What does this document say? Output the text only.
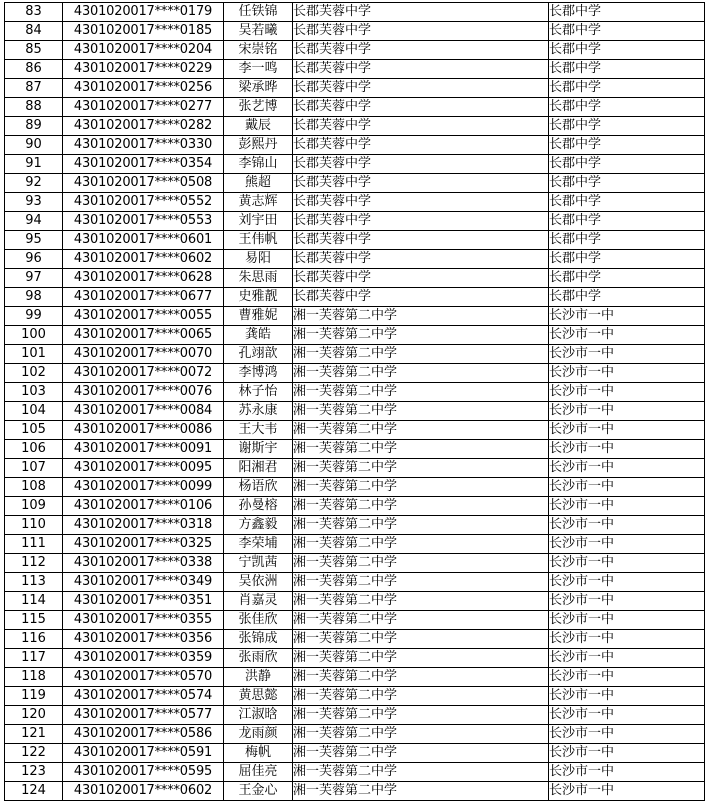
83	4301020017****0179	任铁锦	长郡芙蓉中学	长郡中学
84	4301020017****0185	吴若曦	长郡芙蓉中学	长郡中学
85	4301020017****0204	宋崇铭	长郡芙蓉中学	长郡中学
86	4301020017****0229	李一鸣	长郡芙蓉中学	长郡中学
87	4301020017****0256	梁承晔	长郡芙蓉中学	长郡中学
88	4301020017****0277	张艺博	长郡芙蓉中学	长郡中学
89	4301020017****0282	戴辰	长郡芙蓉中学	长郡中学
90	4301020017****0330	彭熙丹	长郡芙蓉中学	长郡中学
91	4301020017****0354	李锦山	长郡芙蓉中学	长郡中学
92	4301020017****0508	熊超	长郡芙蓉中学	长郡中学
93	4301020017****0552	黄志辉	长郡芙蓉中学	长郡中学
94	4301020017****0553	刘宇田	长郡芙蓉中学	长郡中学
95	4301020017****0601	王伟帆	长郡芙蓉中学	长郡中学
96	4301020017****0602	易阳	长郡芙蓉中学	长郡中学
97	4301020017****0628	朱思雨	长郡芙蓉中学	长郡中学
98	4301020017****0677	史雅靓	长郡芙蓉中学	长郡中学
99	4301020017****0055	曹雅妮	湘一芙蓉第二中学	长沙市一中
100	4301020017****0065	龚皓	湘一芙蓉第二中学	长沙市一中
101	4301020017****0070	孔翊歆	湘一芙蓉第二中学	长沙市一中
102	4301020017****0072	李博鸿	湘一芙蓉第二中学	长沙市一中
103	4301020017****0076	林子怡	湘一芙蓉第二中学	长沙市一中
104	4301020017****0084	苏永康	湘一芙蓉第二中学	长沙市一中
105	4301020017****0086	王大韦	湘一芙蓉第二中学	长沙市一中
106	4301020017****0091	谢斯宇	湘一芙蓉第二中学	长沙市一中
107	4301020017****0095	阳湘君	湘一芙蓉第二中学	长沙市一中
108	4301020017****0099	杨语欣	湘一芙蓉第二中学	长沙市一中
109	4301020017****0106	孙曼榕	湘一芙蓉第二中学	长沙市一中
110	4301020017****0318	方鑫毅	湘一芙蓉第二中学	长沙市一中
111	4301020017****0325	李荣埔	湘一芙蓉第二中学	长沙市一中
112	4301020017****0338	宁凯茜	湘一芙蓉第二中学	长沙市一中
113	4301020017****0349	吴依洲	湘一芙蓉第二中学	长沙市一中
114	4301020017****0351	肖嘉灵	湘一芙蓉第二中学	长沙市一中
115	4301020017****0355	张佳欣	湘一芙蓉第二中学	长沙市一中
116	4301020017****0356	张锦成	湘一芙蓉第二中学	长沙市一中
117	4301020017****0359	张雨欣	湘一芙蓉第二中学	长沙市一中
118	4301020017****0570	洪静	湘一芙蓉第二中学	长沙市一中
119	4301020017****0574	黄思懿	湘一芙蓉第二中学	长沙市一中
120	4301020017****0577	江淑晗	湘一芙蓉第二中学	长沙市一中
121	4301020017****0586	龙雨颜	湘一芙蓉第二中学	长沙市一中
122	4301020017****0591	梅帆	湘一芙蓉第二中学	长沙市一中
123	4301020017****0595	屈佳亮	湘一芙蓉第二中学	长沙市一中
124	4301020017****0602	王金心	湘一芙蓉第二中学	长沙市一中
